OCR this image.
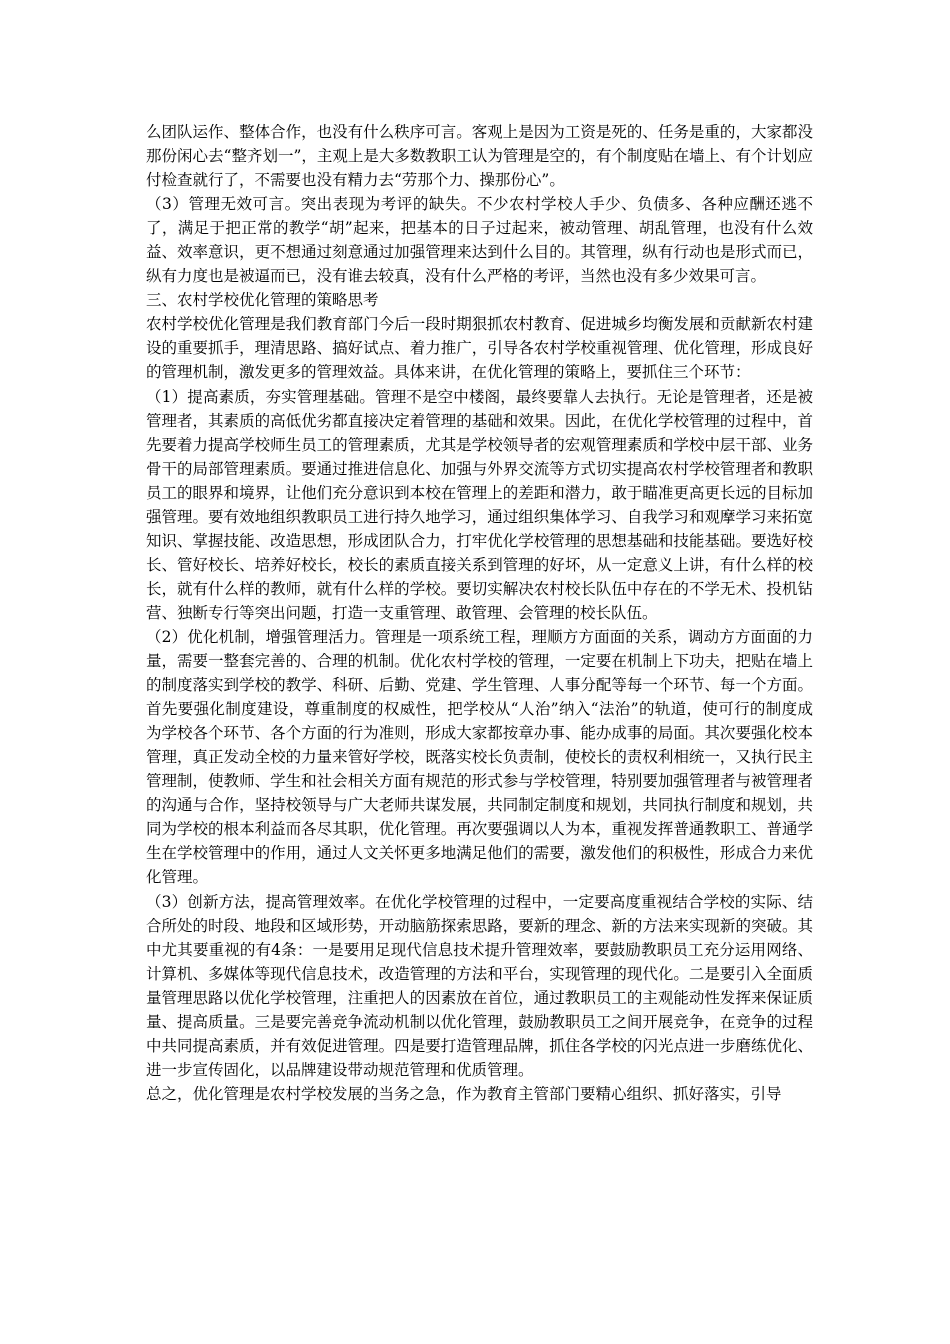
么团队运作、整体合作，也没有什么秩序可言。客观上是因为工资是死的、任务是重的，大家都没那份闲心去“整齐划一”，主观上是大多数教职工认为管理是空的，有个制度贴在墙上、有个计划应付检查就行了，不需要也没有精力去“劳那个力、操那份心”。

（3）管理无效可言。突出表现为考评的缺失。不少农村学校人手少、负债多、各种应酬还逃不了，满足于把正常的教学“胡”起来，把基本的日子过起来，被动管理、胡乱管理，也没有什么效益、效率意识，更不想通过刻意通过加强管理来达到什么目的。其管理，纵有行动也是形式而已，纵有力度也是被逼而已，没有谁去较真，没有什么严格的考评，当然也没有多少效果可言。

三、农村学校优化管理的策略思考

农村学校优化管理是我们教育部门今后一段时期狠抓农村教育、促进城乡均衡发展和贡献新农村建设的重要抓手，理清思路、搞好试点、着力推广，引导各农村学校重视管理、优化管理，形成良好的管理机制，激发更多的管理效益。具体来讲，在优化管理的策略上，要抓住三个环节：

（1）提高素质，夯实管理基础。管理不是空中楼阁，最终要靠人去执行。无论是管理者，还是被管理者，其素质的高低优劣都直接决定着管理的基础和效果。因此，在优化学校管理的过程中，首先要着力提高学校师生员工的管理素质，尤其是学校领导者的宏观管理素质和学校中层干部、业务骨干的局部管理素质。要通过推进信息化、加强与外界交流等方式切实提高农村学校管理者和教职员工的眼界和境界，让他们充分意识到本校在管理上的差距和潜力，敢于瞄准更高更长远的目标加强管理。要有效地组织教职员工进行持久地学习，通过组织集体学习、自我学习和观摩学习来拓宽知识、掌握技能、改造思想，形成团队合力，打牢优化学校管理的思想基础和技能基础。要选好校长、管好校长、培养好校长，校长的素质直接关系到管理的好坏，从一定意义上讲，有什么样的校长，就有什么样的教师，就有什么样的学校。要切实解决农村校长队伍中存在的不学无术、投机钻营、独断专行等突出问题，打造一支重管理、敢管理、会管理的校长队伍。

（2）优化机制，增强管理活力。管理是一项系统工程，理顺方方面面的关系，调动方方面面的力量，需要一整套完善的、合理的机制。优化农村学校的管理，一定要在机制上下功夫，把贴在墙上的制度落实到学校的教学、科研、后勤、党建、学生管理、人事分配等每一个环节、每一个方面。首先要强化制度建设，尊重制度的权威性，把学校从“人治”纳入“法治”的轨道，使可行的制度成为学校各个环节、各个方面的行为准则，形成大家都按章办事、能办成事的局面。其次要强化校本管理，真正发动全校的力量来管好学校，既落实校长负责制，使校长的责权利相统一，又执行民主管理制，使教师、学生和社会相关方面有规范的形式参与学校管理，特别要加强管理者与被管理者的沟通与合作，坚持校领导与广大老师共谋发展，共同制定制度和规划，共同执行制度和规划，共同为学校的根本利益而各尽其职，优化管理。再次要强调以人为本，重视发挥普通教职工、普通学生在学校管理中的作用，通过人文关怀更多地满足他们的需要，激发他们的积极性，形成合力来优化管理。

（3）创新方法，提高管理效率。在优化学校管理的过程中，一定要高度重视结合学校的实际、结合所处的时段、地段和区域形势，开动脑筋探索思路，要新的理念、新的方法来实现新的突破。其中尤其要重视的有4条：一是要用足现代信息技术提升管理效率，要鼓励教职员工充分运用网络、计算机、多媒体等现代信息技术，改造管理的方法和平台，实现管理的现代化。二是要引入全面质量管理思路以优化学校管理，注重把人的因素放在首位，通过教职员工的主观能动性发挥来保证质量、提高质量。三是要完善竞争流动机制以优化管理，鼓励教职员工之间开展竞争，在竞争的过程中共同提高素质，并有效促进管理。四是要打造管理品牌，抓住各学校的闪光点进一步磨练优化、进一步宣传固化，以品牌建设带动规范管理和优质管理。

总之，优化管理是农村学校发展的当务之急，作为教育主管部门要精心组织、抓好落实，引导
